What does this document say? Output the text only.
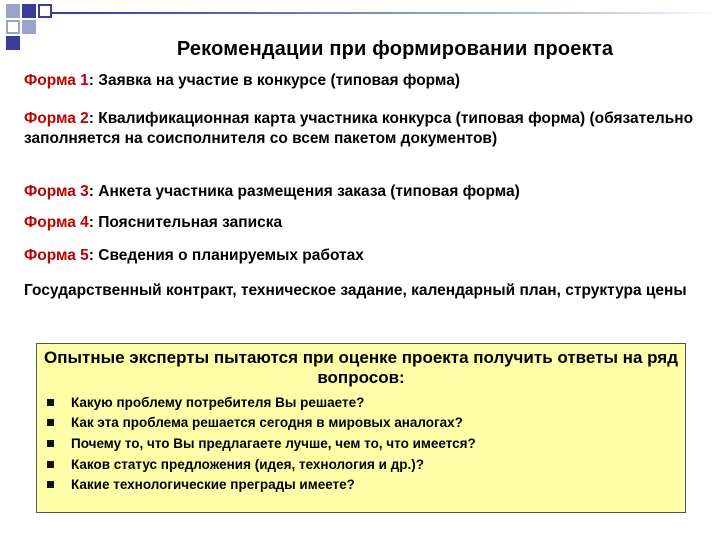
Рекомендации при формировании проекта
Форма 1: Заявка на участие в конкурсе (типовая форма)
Форма 2: Квалификационная карта участника конкурса (типовая форма) (обязательно заполняется на соисполнителя со всем пакетом документов)
Форма 3: Анкета участника размещения заказа (типовая форма)
Форма 4: Пояснительная записка
Форма 5: Сведения о планируемых работах
Государственный контракт, техническое задание, календарный план, структура цены
Опытные эксперты пытаются при оценке проекта получить ответы на ряд вопросов:
Какую проблему потребителя Вы решаете?
Как эта проблема решается сегодня в мировых аналогах?
Почему то, что Вы предлагаете лучше, чем то, что имеется?
Каков статус предложения (идея, технология и др.)?
Какие технологические преграды имеете?
